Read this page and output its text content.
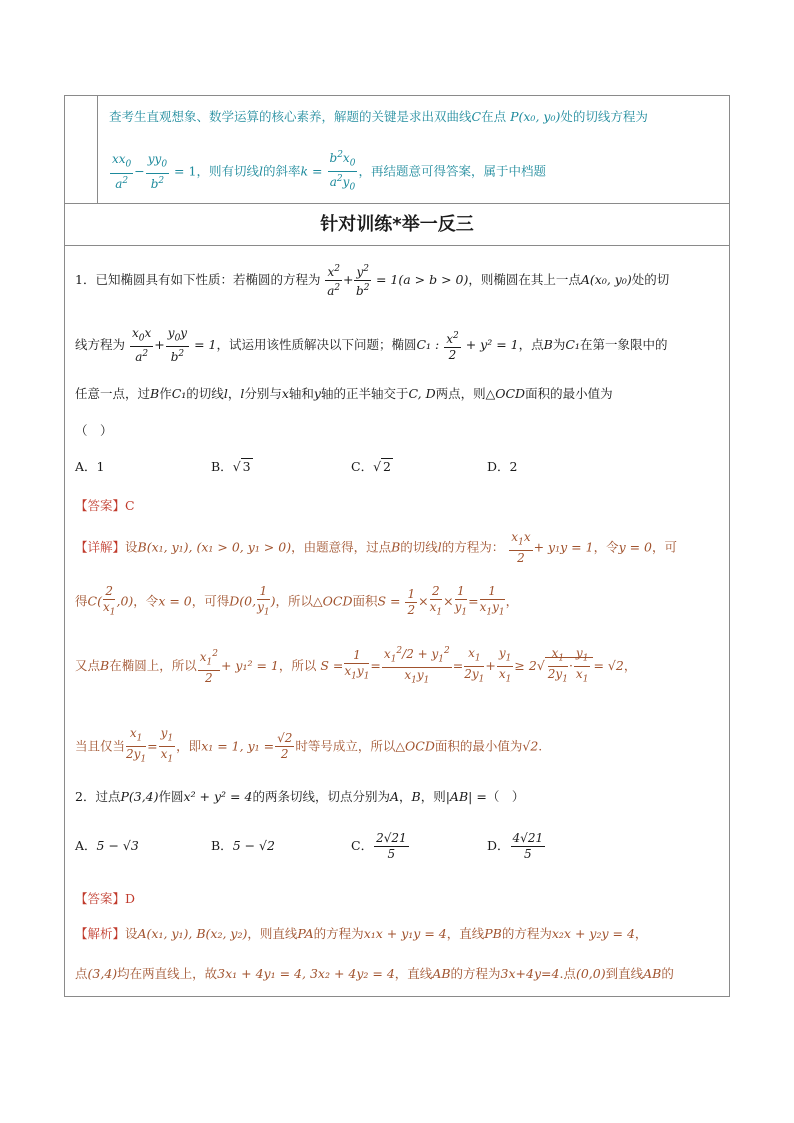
查考生直观想象、数学运算的核心素养，解题的关键是求出双曲线C在点 P(x₀, y₀)处的切线方程为
$\frac{xx_0}{a^2} - \frac{yy_0}{b^2} = 1$，则有切线l的斜率$k = \frac{b^2x_0}{a^2y_0}$ ，再结题意可得答案，属于中档题
针对训练*举一反三
1．已知椭圆具有如下性质：若椭圆的方程为 $\frac{x^2}{a^2} + \frac{y^2}{b^2} = 1(a > b > 0)$，则椭圆在其上一点A(x₀, y₀)处的切
线方程为 $\frac{x_0x}{a^2} + \frac{y_0y}{b^2} = 1$，试运用该性质解决以下问题；椭圆C₁ : $\frac{x^2}{2} + y^2 = 1$，点B为C₁在第一象限中的
任意一点，过B作C₁的切线l，l分别与x轴和y轴的正半轴交于C, D两点，则△OCD面积的最小值为
（　）
A．1	B．√ 3	C．√ 2	D．2
【答案】C
【详解】设B(x₁, y₁), (x₁ > 0, y₁ > 0)，由题意得，过点B的切线l的方程为： $\frac{x_1x}{2} + y_1y = 1$，令y = 0，可
得$C( \frac{2}{x_1} ,0)$，令x = 0，可得D(0, $\frac{1}{y_1}$ )，所以△OCD面积$S = \frac{1}{2} \times \frac{2}{x_1} \times \frac{1}{y_1} = \frac{1}{x_1y_1}$ ，
又点B在椭圆上，所以 $\frac{x_1^2}{2} + y_1^2 = 1$，所以 $S = \frac{1}{x_1y_1} = \frac{x_1^2/2 + y_1^2}{x_1y_1} = \frac{x_1}{2y_1} + \frac{y_1}{x_1} \ge 2√ \frac{x_1}{2y_1} \cdot \frac{y_1}{x_1} = √2$，
当且仅当 $\frac{x_1}{2y_1} = \frac{y_1}{x_1}$ ，即x₁ = 1, $y_1 = \frac{√2}{2}$ 时等号成立，所以△OCD面积的最小值为√2.
2．过点P(3,4)作圆x² + y² = 4的两条切线，切点分别为A，B，则|AB| =（　）
A．5 − √3	B．5 − √2	C． $\frac{2√21}{5}$	D． $\frac{4√21}{5}$
【答案】D
【解析】设A(x₁, y₁), B(x₂, y₂)，则直线PA的方程为x₁x + y₁y = 4，直线PB的方程为x₂x + y₂y = 4，
点(3,4)均在两直线上，故3x₁ + 4y₁ = 4, 3x₂ + 4y₂ = 4，直线AB的方程为3x+4y=4.点(0,0)到直线AB的
